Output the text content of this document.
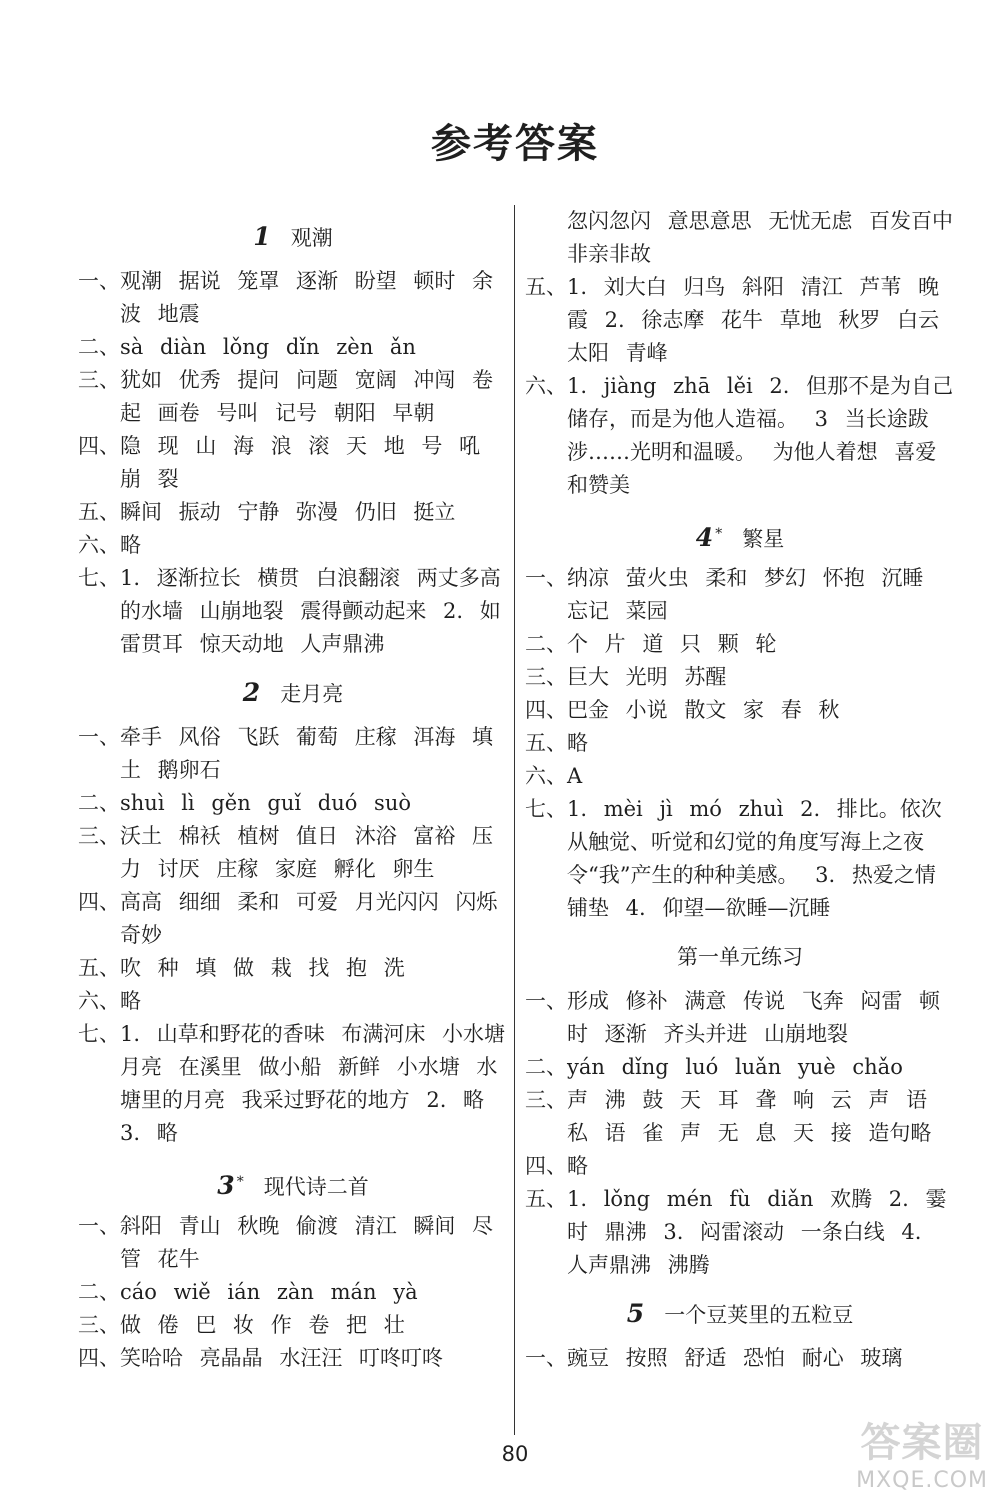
参考答案
1 观潮
一、观潮 据说 笼罩 逐渐 盼望 顿时 余波 地震
二、sà diàn lǒng dǐn zèn ǎn
三、犹如 优秀 提问 问题 宽阔 冲闯 卷起 画卷 号叫 记号 朝阳 早朝
四、隐 现 山 海 浪 滚 天 地 号 吼 崩 裂
五、瞬间 振动 宁静 弥漫 仍旧 挺立
六、略
七、1. 逐渐拉长 横贯 白浪翻滚 两丈多高的水墙 山崩地裂 震得颤动起来 2. 如雷贯耳 惊天动地 人声鼎沸
2 走月亮
一、牵手 风俗 飞跃 葡萄 庄稼 洱海 填土 鹅卵石
二、shuì lì gěn guǐ duó suò
三、沃土 棉袄 植树 值日 沐浴 富裕 压力 讨厌 庄稼 家庭 孵化 卵生
四、高高 细细 柔和 可爱 月光闪闪 闪烁 奇妙
五、吹 种 填 做 栽 找 抱 洗
六、略
七、1. 山草和野花的香味 布满河床 小水塘 月亮 在溪里 做小船 新鲜 小水塘 水塘里的月亮 我采过野花的地方 2. 略 3. 略
3 * 现代诗二首
一、斜阳 青山 秋晚 偷渡 清江 瞬间 尽管 花牛
二、cáo wiě ián zàn mán yà
三、做 倦 巴 妆 作 卷 把 壮
四、笑哈哈 亮晶晶 水汪汪 叮咚叮咚
忽闪忽闪 意思意思 无忧无虑 百发百中 非亲非故
五、1. 刘大白 归鸟 斜阳 清江 芦苇 晚霞 2. 徐志摩 花牛 草地 秋罗 白云 太阳 青峰
六、1. jiàng zhā lěi 2. 但那不是为自己储存，而是为他人造福。 3 当长途跋涉……光明和温暖。 为他人着想 喜爱和赞美
4 * 繁星
一、纳凉 萤火虫 柔和 梦幻 怀抱 沉睡 忘记 菜园
二、个 片 道 只 颗 轮
三、巨大 光明 苏醒
四、巴金 小说 散文 家 春 秋
五、略
六、A
七、1. mèi jì mó zhuì 2. 排比。依次从触觉、听觉和幻觉的角度写海上之夜令“我”产生的种种美感。 3. 热爱之情 铺垫 4. 仰望—欲睡—沉睡
第一单元练习
一、形成 修补 满意 传说 飞奔 闷雷 顿时 逐渐 齐头并进 山崩地裂
二、yán dǐng luó luǎn yuè chǎo
三、声 沸 鼓 天 耳 聋 响 云 声 语 私 语 雀 声 无 息 天 接 造句略
四、略
五、1. lǒng mén fù diǎn 欢腾 2. 霎时 鼎沸 3. 闷雷滚动 一条白线 4. 人声鼎沸 沸腾
5 一个豆荚里的五粒豆
一、豌豆 按照 舒适 恐怕 耐心 玻璃
80	答案圈
MXQE.COM
